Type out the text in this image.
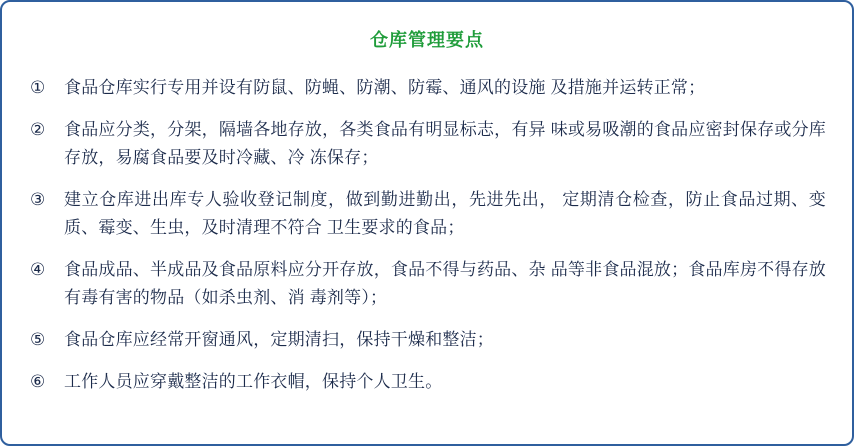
仓库管理要点
①	食品仓库实行专用并设有防鼠、防蝇、防潮、防霉、通风的设施 及措施并运转正常；
②	食品应分类，分架，隔墙各地存放，各类食品有明显标志，有异 味或易吸潮的食品应密封保存或分库存放，易腐食品要及时冷藏、冷 冻保存；
③	建立仓库进出库专人验收登记制度，做到勤进勤出，先进先出， 定期清仓检查，防止食品过期、变质、霉变、生虫，及时清理不符合 卫生要求的食品；
④	食品成品、半成品及食品原料应分开存放，食品不得与药品、杂 品等非食品混放；食品库房不得存放有毒有害的物品（如杀虫剂、消 毒剂等）；
⑤	食品仓库应经常开窗通风，定期清扫，保持干燥和整洁；
⑥	工作人员应穿戴整洁的工作衣帽，保持个人卫生。
